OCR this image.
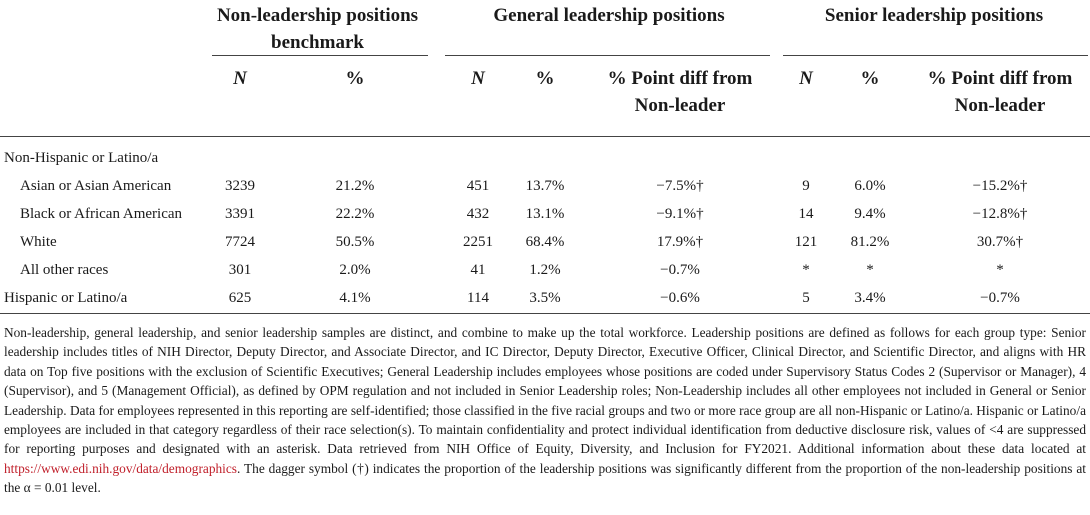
Non-leadership positions benchmark
General leadership positions	Senior leadership positions
N	%	N	%	% Point diff from Non-leader
N	%	% Point diff from Non-leader
Non-Hispanic or Latino/a
Asian or Asian American	3239	21.2%	451	13.7%	−7.5%†	9	6.0%	−15.2%†
Black or African American	3391	22.2%	432	13.1%	−9.1%†	14	9.4%	−12.8%†
White	7724	50.5%	2251	68.4%	17.9%†	121	81.2%	30.7%†
All other races	301	2.0%	41	1.2%	−0.7%	*	*	*
Hispanic or Latino/a	625	4.1%	114	3.5%	−0.6%	5	3.4%	−0.7%
Non-leadership, general leadership, and senior leadership samples are distinct, and combine to make up the total workforce. Leadership positions are defined as follows for each group type: Senior leadership includes titles of NIH Director, Deputy Director, and Associate Director, and IC Director, Deputy Director, Executive Officer, Clinical Director, and Scientific Director, and aligns with HR data on Top five positions with the exclusion of Scientific Executives; General Leadership includes employees whose positions are coded under Supervisory Status Codes 2 (Supervisor or Manager), 4 (Supervisor), and 5 (Management Official), as defined by OPM regulation and not included in Senior Leadership roles; Non-Leadership includes all other employees not included in General or Senior Leadership. Data for employees represented in this reporting are self-identified; those classified in the five racial groups and two or more race group are all non-Hispanic or Latino/a. Hispanic or Latino/a employees are included in that category regardless of their race selection(s). To maintain confidentiality and protect individual identification from deductive disclosure risk, values of <4 are suppressed for reporting purposes and designated with an asterisk. Data retrieved from NIH Office of Equity, Diversity, and Inclusion for FY2021. Additional information about these data located at https://www.edi.nih.gov/data/demographics. The dagger symbol (†) indicates the proportion of the leadership positions was significantly different from the proportion of the non-leadership positions at the α = 0.01 level.
